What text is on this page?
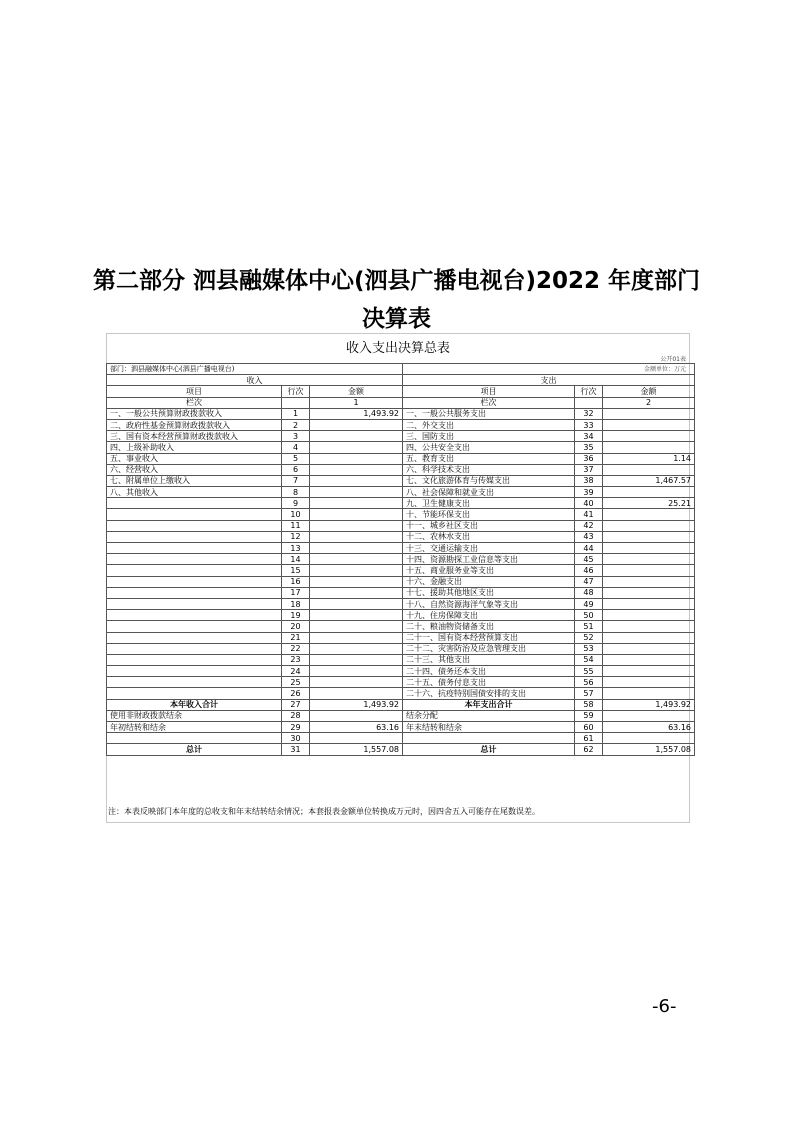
第二部分 泗县融媒体中心(泗县广播电视台)2022 年度部门
决算表
收入支出决算总表
公开01表
金额单位：万元
部门：泗县融媒体中心(泗县广播电视台)					
收入			支出		
项目	行次	金额	项目	行次	金额
栏次		1	栏次		2
一、一般公共预算财政拨款收入	1	1,493.92	一、一般公共服务支出	32	
二、政府性基金预算财政拨款收入	2		二、外交支出	33	
三、国有资本经营预算财政拨款收入	3		三、国防支出	34	
四、上级补助收入	4		四、公共安全支出	35	
五、事业收入	5		五、教育支出	36	1.14
六、经营收入	6		六、科学技术支出	37	
七、附属单位上缴收入	7		七、文化旅游体育与传媒支出	38	1,467.57
八、其他收入	8		八、社会保障和就业支出	39	
	9		九、卫生健康支出	40	25.21
	10		十、节能环保支出	41	
	11		十一、城乡社区支出	42	
	12		十二、农林水支出	43	
	13		十三、交通运输支出	44	
	14		十四、资源勘探工业信息等支出	45	
	15		十五、商业服务业等支出	46	
	16		十六、金融支出	47	
	17		十七、援助其他地区支出	48	
	18		十八、自然资源海洋气象等支出	49	
	19		十九、住房保障支出	50	
	20		二十、粮油物资储备支出	51	
	21		二十一、国有资本经营预算支出	52	
	22		二十二、灾害防治及应急管理支出	53	
	23		二十三、其他支出	54	
	24		二十四、债务还本支出	55	
	25		二十五、债务付息支出	56	
	26		二十六、抗疫特别国债安排的支出	57	
本年收入合计	27	1,493.92	本年支出合计	58	1,493.92
使用非财政拨款结余	28		结余分配	59	
年初结转和结余	29	63.16	年末结转和结余	60	63.16
	30			61	
总计	31	1,557.08	总计	62	1,557.08
注：本表反映部门本年度的总收支和年末结转结余情况；本套报表金额单位转换成万元时，因四舍五入可能存在尾数误差。
-6-
